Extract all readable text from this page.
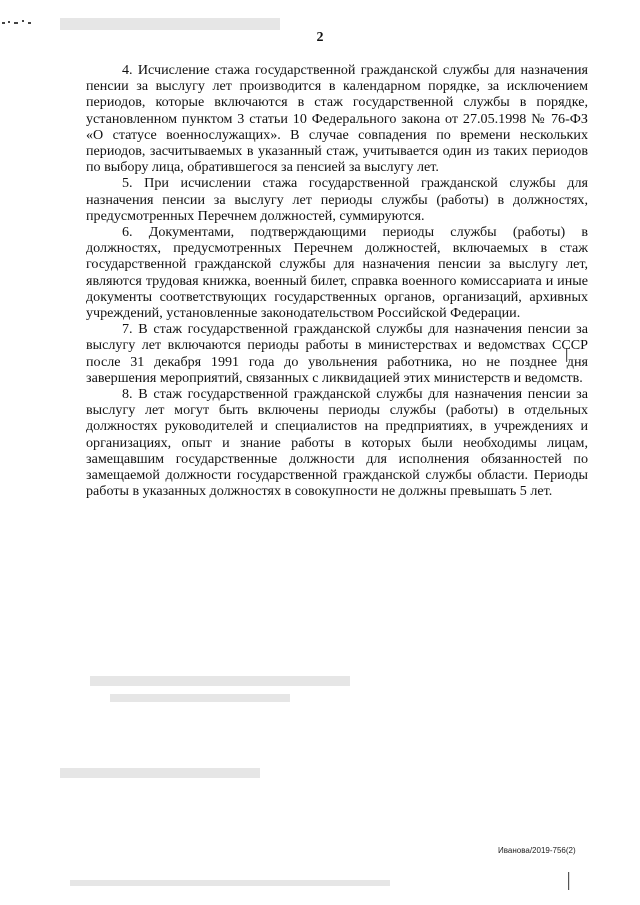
2

4. Исчисление стажа государственной гражданской службы для назначения пенсии за выслугу лет производится в календарном порядке, за исключением периодов, которые включаются в стаж государственной службы в порядке, установленном пунктом 3 статьи 10 Федерального закона от 27.05.1998 № 76-ФЗ «О статусе военнослужащих». В случае совпадения по времени нескольких периодов, засчитываемых в указанный стаж, учитывается один из таких периодов по выбору лица, обратившегося за пенсией за выслугу лет.

5. При исчислении стажа государственной гражданской службы для назначения пенсии за выслугу лет периоды службы (работы) в должностях, предусмотренных Перечнем должностей, суммируются.

6. Документами, подтверждающими периоды службы (работы) в должностях, предусмотренных Перечнем должностей, включаемых в стаж государственной гражданской службы для назначения пенсии за выслугу лет, являются трудовая книжка, военный билет, справка военного комиссариата и иные документы соответствующих государственных органов, организаций, архивных учреждений, установленные законодательством Российской Федерации.

7. В стаж государственной гражданской службы для назначения пенсии за выслугу лет включаются периоды работы в министерствах и ведомствах СССР после 31 декабря 1991 года до увольнения работника, но не позднее дня завершения мероприятий, связанных с ликвидацией этих министерств и ведомств.

8. В стаж государственной гражданской службы для назначения пенсии за выслугу лет могут быть включены периоды службы (работы) в отдельных должностях руководителей и специалистов на предприятиях, в учреждениях и организациях, опыт и знание работы в которых были необходимы лицам, замещавшим государственные должности для исполнения обязанностей по замещаемой должности государственной гражданской службы области. Периоды работы в указанных должностях в совокупности не должны превышать 5 лет.

Иванова/2019-756(2)
